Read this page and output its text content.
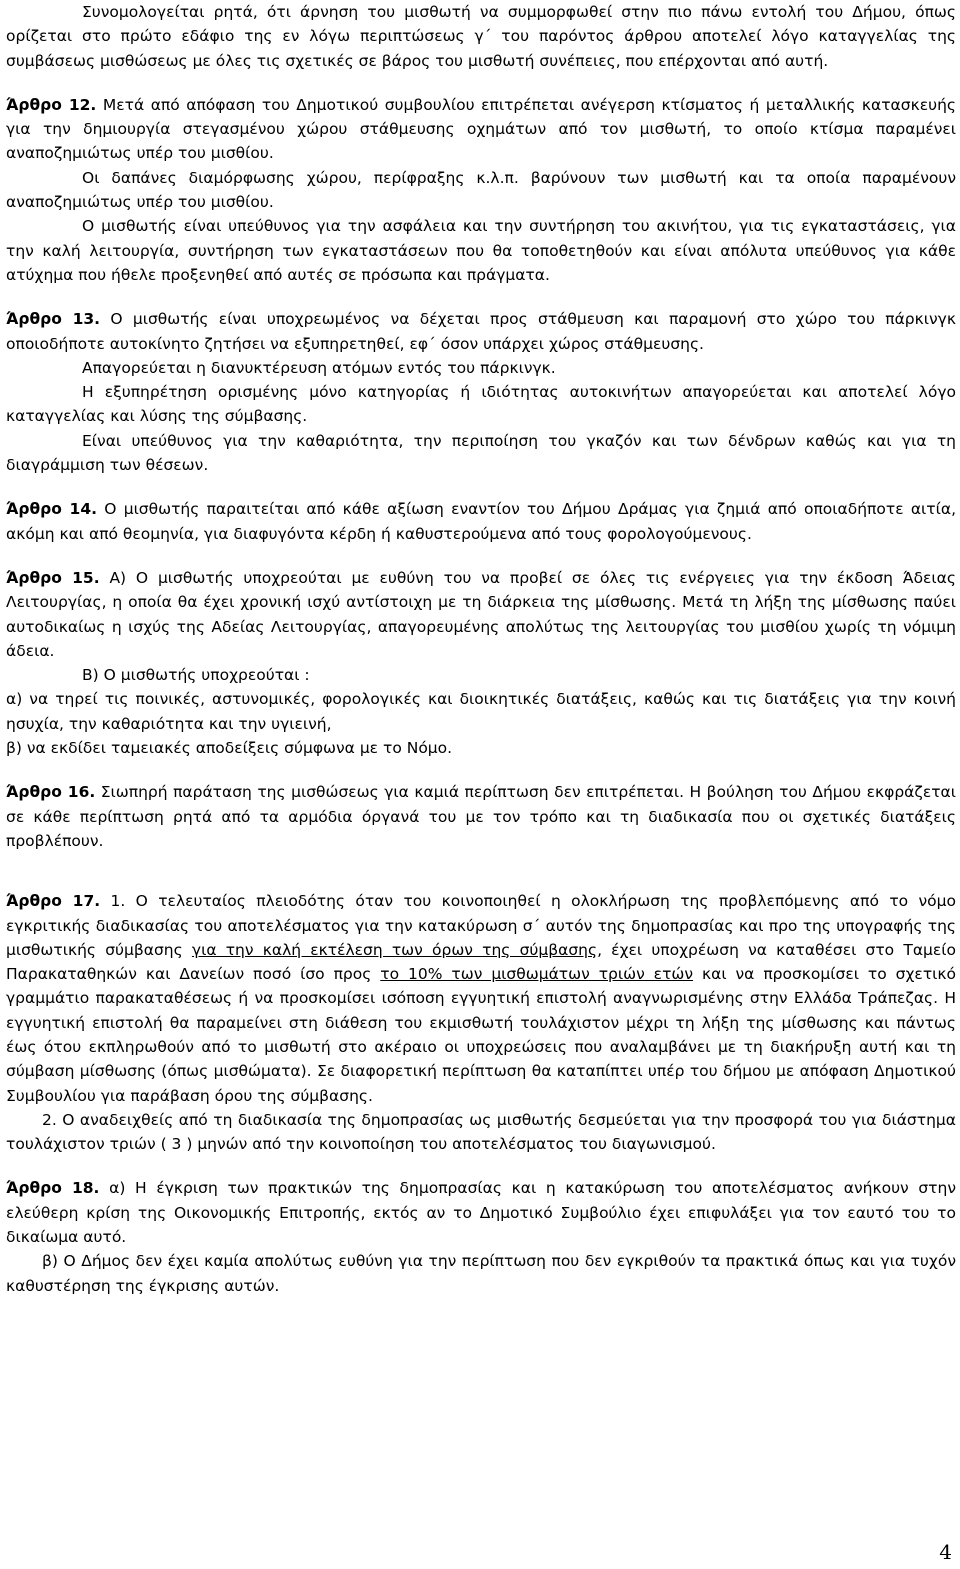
Συνομολογείται ρητά, ότι άρνηση του μισθωτή να συμμορφωθεί στην πιο πάνω εντολή του Δήμου, όπως ορίζεται στο πρώτο εδάφιο της εν λόγω περιπτώσεως γ΄ του παρόντος άρθρου αποτελεί λόγο καταγγελίας της συμβάσεως μισθώσεως με όλες τις σχετικές σε βάρος του μισθωτή συνέπειες, που επέρχονται από αυτή.

Άρθρο 12. Μετά από απόφαση του Δημοτικού συμβουλίου επιτρέπεται ανέγερση κτίσματος ή μεταλλικής κατασκευής για την δημιουργία στεγασμένου χώρου στάθμευσης οχημάτων από τον μισθωτή, το οποίο κτίσμα παραμένει αναποζημιώτως υπέρ του μισθίου.

Οι δαπάνες διαμόρφωσης χώρου, περίφραξης κ.λ.π. βαρύνουν των μισθωτή και τα οποία παραμένουν αναποζημιώτως υπέρ του μισθίου.

Ο μισθωτής είναι υπεύθυνος για την ασφάλεια και την συντήρηση του ακινήτου, για τις εγκαταστάσεις, για την καλή λειτουργία, συντήρηση των εγκαταστάσεων που θα τοποθετηθούν και είναι απόλυτα υπεύθυνος για κάθε ατύχημα που ήθελε προξενηθεί από αυτές σε πρόσωπα και πράγματα.

Άρθρο 13. Ο μισθωτής είναι υποχρεωμένος να δέχεται προς στάθμευση και παραμονή στο χώρο του πάρκινγκ οποιοδήποτε αυτοκίνητο ζητήσει να εξυπηρετηθεί, εφ΄ όσον υπάρχει χώρος στάθμευσης.

Απαγορεύεται η διανυκτέρευση ατόμων εντός του πάρκινγκ.

Η εξυπηρέτηση ορισμένης μόνο κατηγορίας ή ιδιότητας αυτοκινήτων απαγορεύεται και αποτελεί λόγο καταγγελίας και λύσης της σύμβασης.

Είναι υπεύθυνος για την καθαριότητα, την περιποίηση του γκαζόν και των δένδρων καθώς και για τη διαγράμμιση των θέσεων.

Άρθρο 14. Ο μισθωτής παραιτείται από κάθε αξίωση εναντίον του Δήμου Δράμας για ζημιά από οποιαδήποτε αιτία, ακόμη και από θεομηνία, για διαφυγόντα κέρδη ή καθυστερούμενα από τους φορολογούμενους.

Άρθρο 15. Α) Ο μισθωτής υποχρεούται με ευθύνη του να προβεί σε όλες τις ενέργειες για την έκδοση Άδειας Λειτουργίας, η οποία θα έχει χρονική ισχύ αντίστοιχη με τη διάρκεια της μίσθωσης. Μετά τη λήξη της μίσθωσης παύει αυτοδικαίως η ισχύς της Αδείας Λειτουργίας, απαγορευμένης απολύτως της λειτουργίας του μισθίου χωρίς τη νόμιμη άδεια.

Β) Ο μισθωτής υποχρεούται :

α) να τηρεί τις ποινικές, αστυνομικές, φορολογικές και διοικητικές διατάξεις, καθώς και τις διατάξεις για την κοινή ησυχία, την καθαριότητα και την υγιεινή,

β) να εκδίδει ταμειακές αποδείξεις σύμφωνα με το Νόμο.

Άρθρο 16. Σιωπηρή παράταση της μισθώσεως για καμιά περίπτωση δεν επιτρέπεται. Η βούληση του Δήμου εκφράζεται σε κάθε περίπτωση ρητά από τα αρμόδια όργανά του με τον τρόπο και τη διαδικασία που οι σχετικές διατάξεις προβλέπουν.

Άρθρο 17. 1. Ο τελευταίος πλειοδότης όταν του κοινοποιηθεί η ολοκλήρωση της προβλεπόμενης από το νόμο εγκριτικής διαδικασίας του αποτελέσματος για την κατακύρωση σ΄ αυτόν της δημοπρασίας και προ της υπογραφής της μισθωτικής σύμβασης για την καλή εκτέλεση των όρων της σύμβασης, έχει υποχρέωση να καταθέσει στο Ταμείο Παρακαταθηκών και Δανείων ποσό ίσο προς το 10% των μισθωμάτων τριών ετών και να προσκομίσει το σχετικό γραμμάτιο παρακαταθέσεως ή να προσκομίσει ισόποση εγγυητική επιστολή αναγνωρισμένης στην Ελλάδα Τράπεζας. Η εγγυητική επιστολή θα παραμείνει στη διάθεση του εκμισθωτή τουλάχιστον μέχρι τη λήξη της μίσθωσης και πάντως έως ότου εκπληρωθούν από το μισθωτή στο ακέραιο οι υποχρεώσεις που αναλαμβάνει με τη διακήρυξη αυτή και τη σύμβαση μίσθωσης (όπως μισθώματα). Σε διαφορετική περίπτωση θα καταπίπτει υπέρ του δήμου με απόφαση Δημοτικού Συμβουλίου για παράβαση όρου της σύμβασης.

2. Ο αναδειχθείς από τη διαδικασία της δημοπρασίας ως μισθωτής δεσμεύεται για την προσφορά του για διάστημα τουλάχιστον τριών ( 3 ) μηνών από την κοινοποίηση του αποτελέσματος του διαγωνισμού.

Άρθρο 18. α) Η έγκριση των πρακτικών της δημοπρασίας και η κατακύρωση του αποτελέσματος ανήκουν στην ελεύθερη κρίση της Οικονομικής Επιτροπής, εκτός αν το Δημοτικό Συμβούλιο έχει επιφυλάξει για τον εαυτό του το δικαίωμα αυτό.

β) Ο Δήμος δεν έχει καμία απολύτως ευθύνη για την περίπτωση που δεν εγκριθούν τα πρακτικά όπως και για τυχόν καθυστέρηση της έγκρισης αυτών.

4
